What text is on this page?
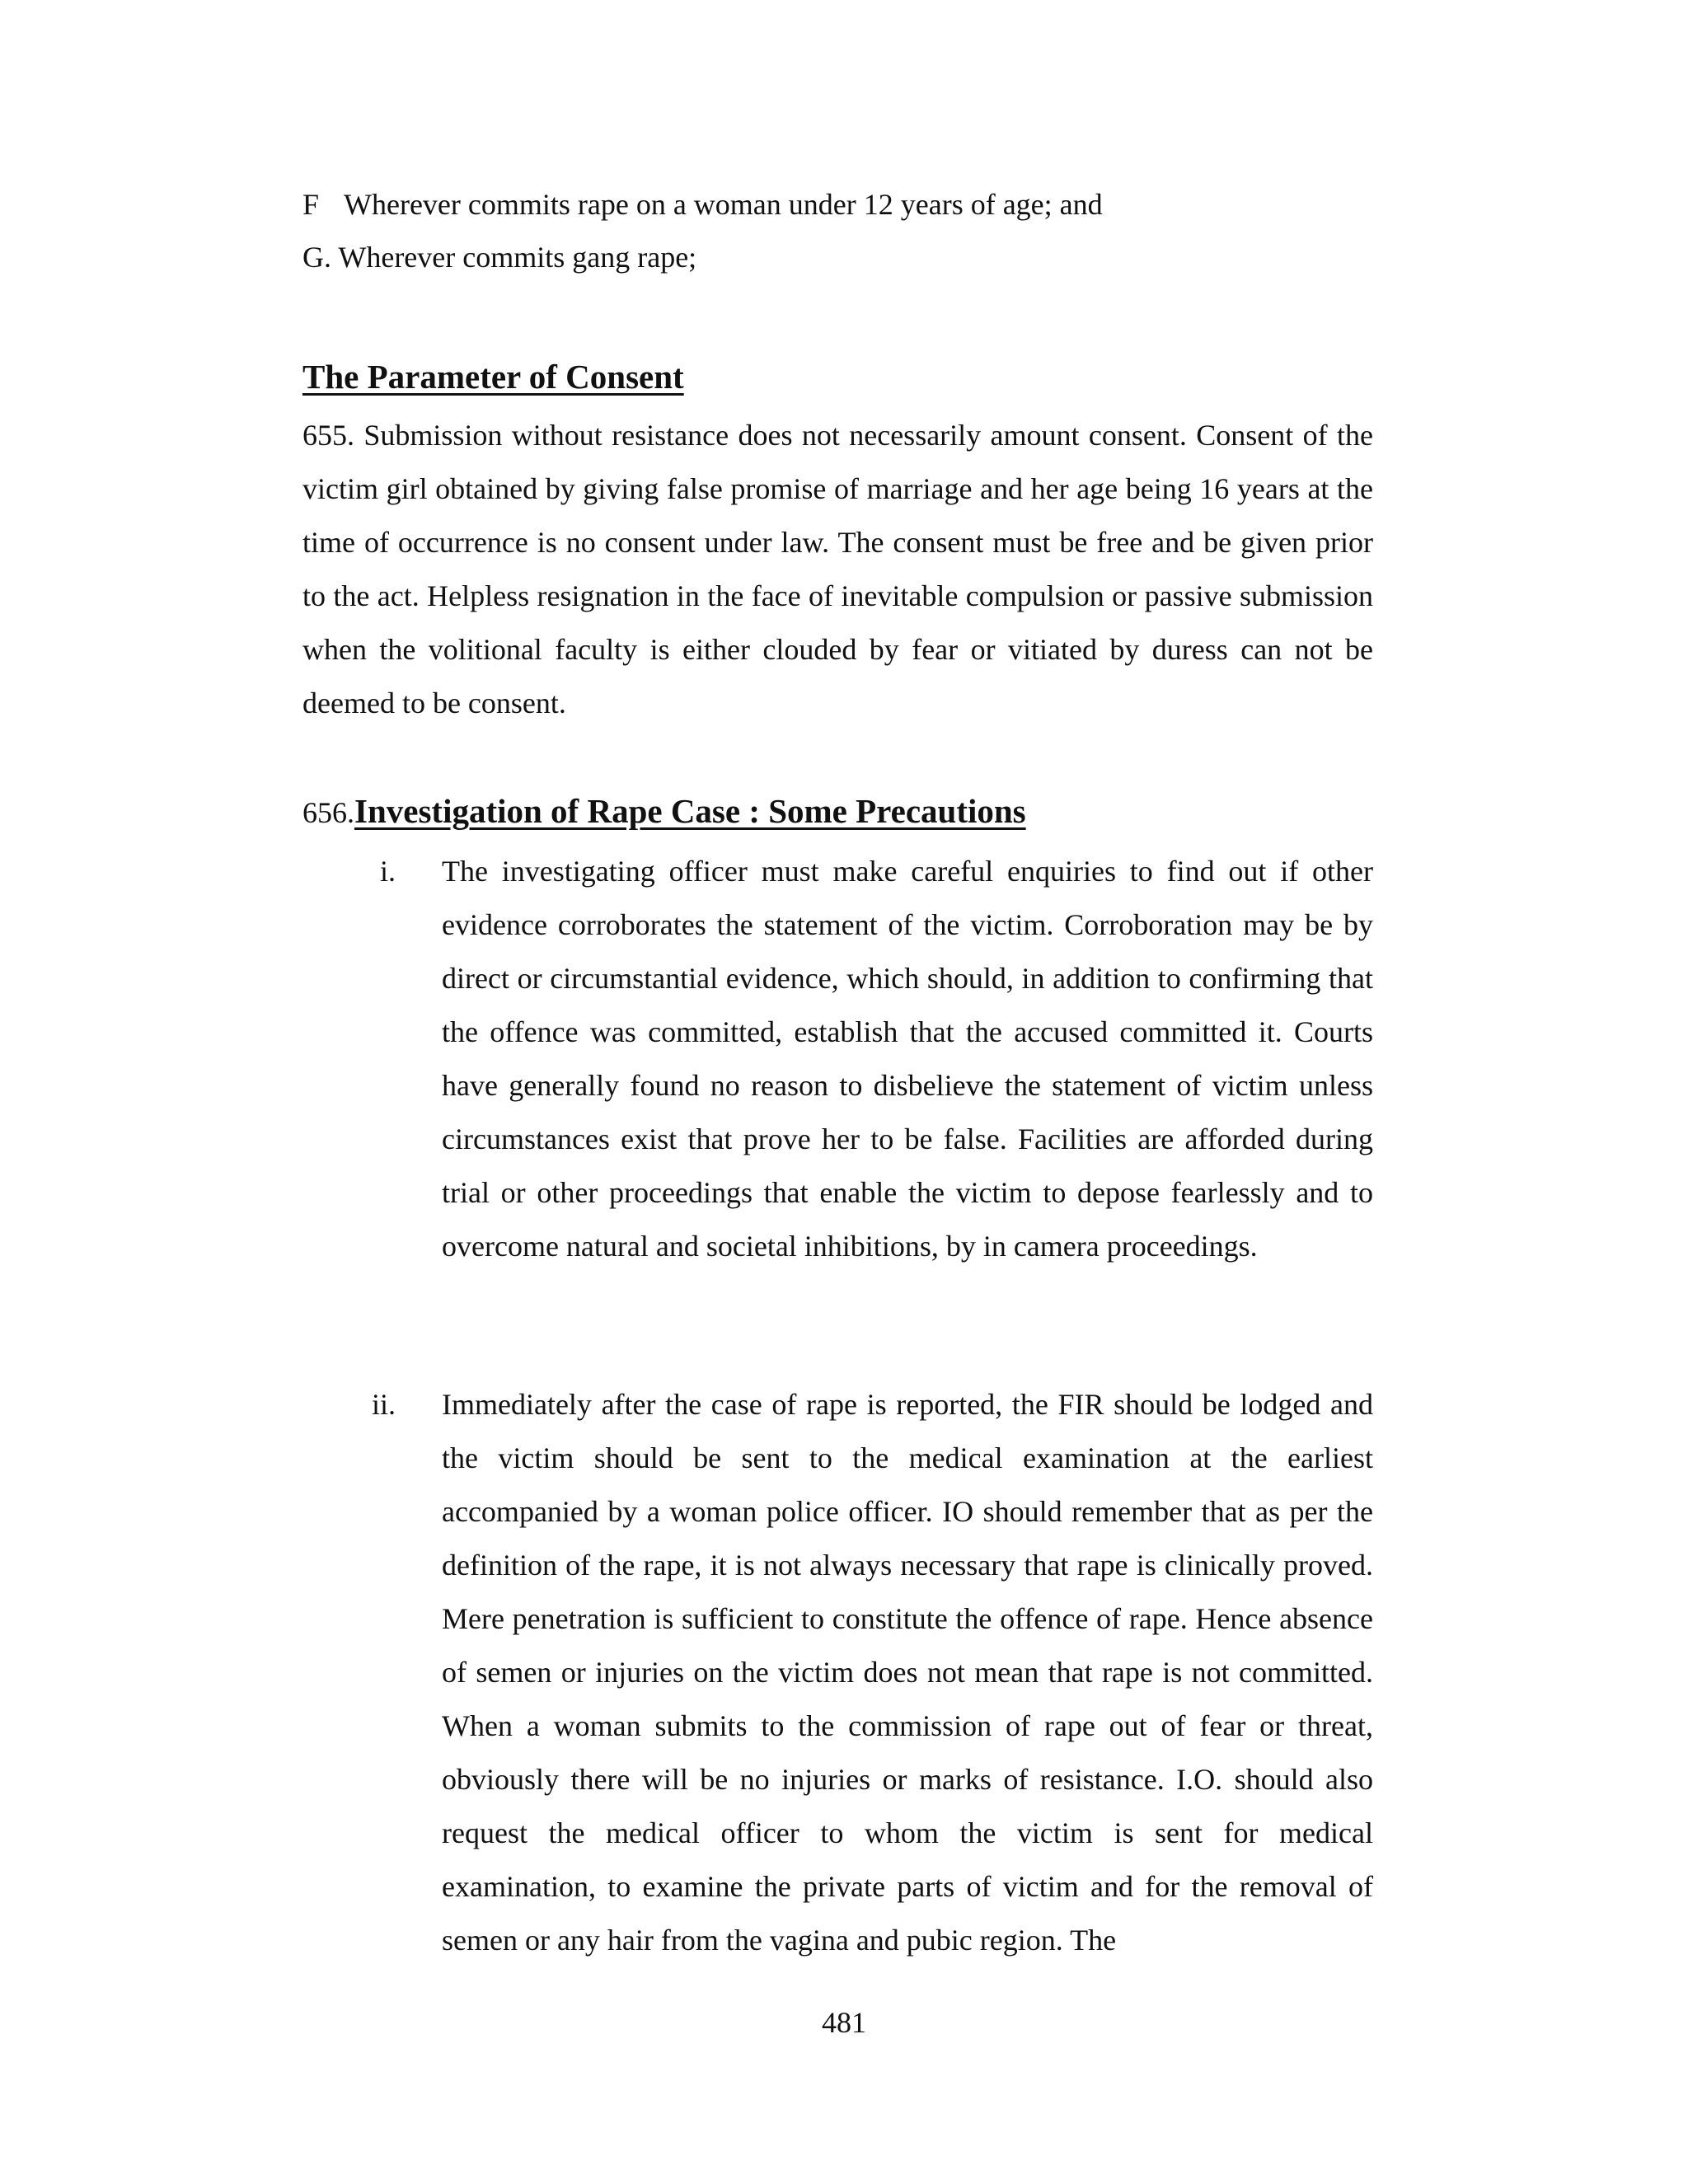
F Wherever commits rape on a woman under 12 years of age; and
G. Wherever commits gang rape;
The Parameter of Consent

655. Submission without resistance does not necessarily amount consent. Consent of the victim girl obtained by giving false promise of marriage and her age being 16 years at the time of occurrence is no consent under law. The consent must be free and be given prior to the act. Helpless resignation in the face of inevitable compulsion or passive submission when the volitional faculty is either clouded by fear or vitiated by duress can not be deemed to be consent.

656.Investigation of Rape Case : Some Precautions
i. The investigating officer must make careful enquiries to find out if other evidence corroborates the statement of the victim. Corroboration may be by direct or circumstantial evidence, which should, in addition to confirming that the offence was committed, establish that the accused committed it. Courts have generally found no reason to disbelieve the statement of victim unless circumstances exist that prove her to be false. Facilities are afforded during trial or other proceedings that enable the victim to depose fearlessly and to overcome natural and societal inhibitions, by in camera proceedings.

ii. Immediately after the case of rape is reported, the FIR should be lodged and the victim should be sent to the medical examination at the earliest accompanied by a woman police officer. IO should remember that as per the definition of the rape, it is not always necessary that rape is clinically proved. Mere penetration is sufficient to constitute the offence of rape. Hence absence of semen or injuries on the victim does not mean that rape is not committed. When a woman submits to the commission of rape out of fear or threat, obviously there will be no injuries or marks of resistance. I.O. should also request the medical officer to whom the victim is sent for medical examination, to examine the private parts of victim and for the removal of semen or any hair from the vagina and pubic region. The

481
